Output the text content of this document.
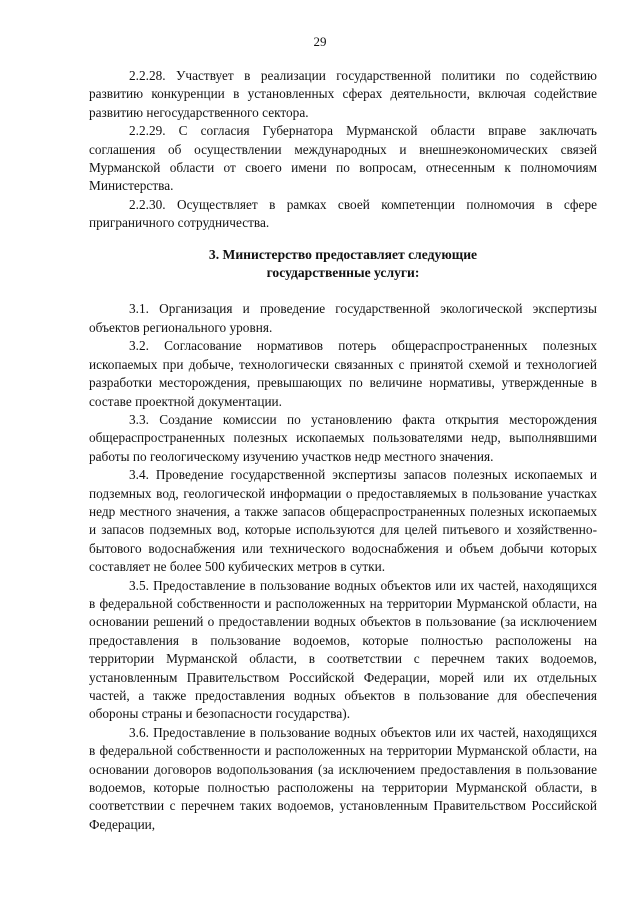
29

2.2.28. Участвует в реализации государственной политики по содействию развитию конкуренции в установленных сферах деятельности, включая содействие развитию негосударственного сектора.

2.2.29. С согласия Губернатора Мурманской области вправе заключать соглашения об осуществлении международных и внешнеэкономических связей Мурманской области от своего имени по вопросам, отнесенным к полномочиям Министерства.

2.2.30. Осуществляет в рамках своей компетенции полномочия в сфере приграничного сотрудничества.

3. Министерство предоставляет следующие
государственные услуги:

3.1. Организация и проведение государственной экологической экспертизы объектов регионального уровня.

3.2. Согласование нормативов потерь общераспространенных полезных ископаемых при добыче, технологически связанных с принятой схемой и технологией разработки месторождения, превышающих по величине нормативы, утвержденные в составе проектной документации.

3.3. Создание комиссии по установлению факта открытия месторождения общераспространенных полезных ископаемых пользователями недр, выполнявшими работы по геологическому изучению участков недр местного значения.

3.4. Проведение государственной экспертизы запасов полезных ископаемых и подземных вод, геологической информации о предоставляемых в пользование участках недр местного значения, а также запасов общераспространенных полезных ископаемых и запасов подземных вод, которые используются для целей питьевого и хозяйственно-бытового водоснабжения или технического водоснабжения и объем добычи которых составляет не более 500 кубических метров в сутки.

3.5. Предоставление в пользование водных объектов или их частей, находящихся в федеральной собственности и расположенных на территории Мурманской области, на основании решений о предоставлении водных объектов в пользование (за исключением предоставления в пользование водоемов, которые полностью расположены на территории Мурманской области, в соответствии с перечнем таких водоемов, установленным Правительством Российской Федерации, морей или их отдельных частей, а также предоставления водных объектов в пользование для обеспечения обороны страны и безопасности государства).

3.6. Предоставление в пользование водных объектов или их частей, находящихся в федеральной собственности и расположенных на территории Мурманской области, на основании договоров водопользования (за исключением предоставления в пользование водоемов, которые полностью расположены на территории Мурманской области, в соответствии с перечнем таких водоемов, установленным Правительством Российской Федерации,
